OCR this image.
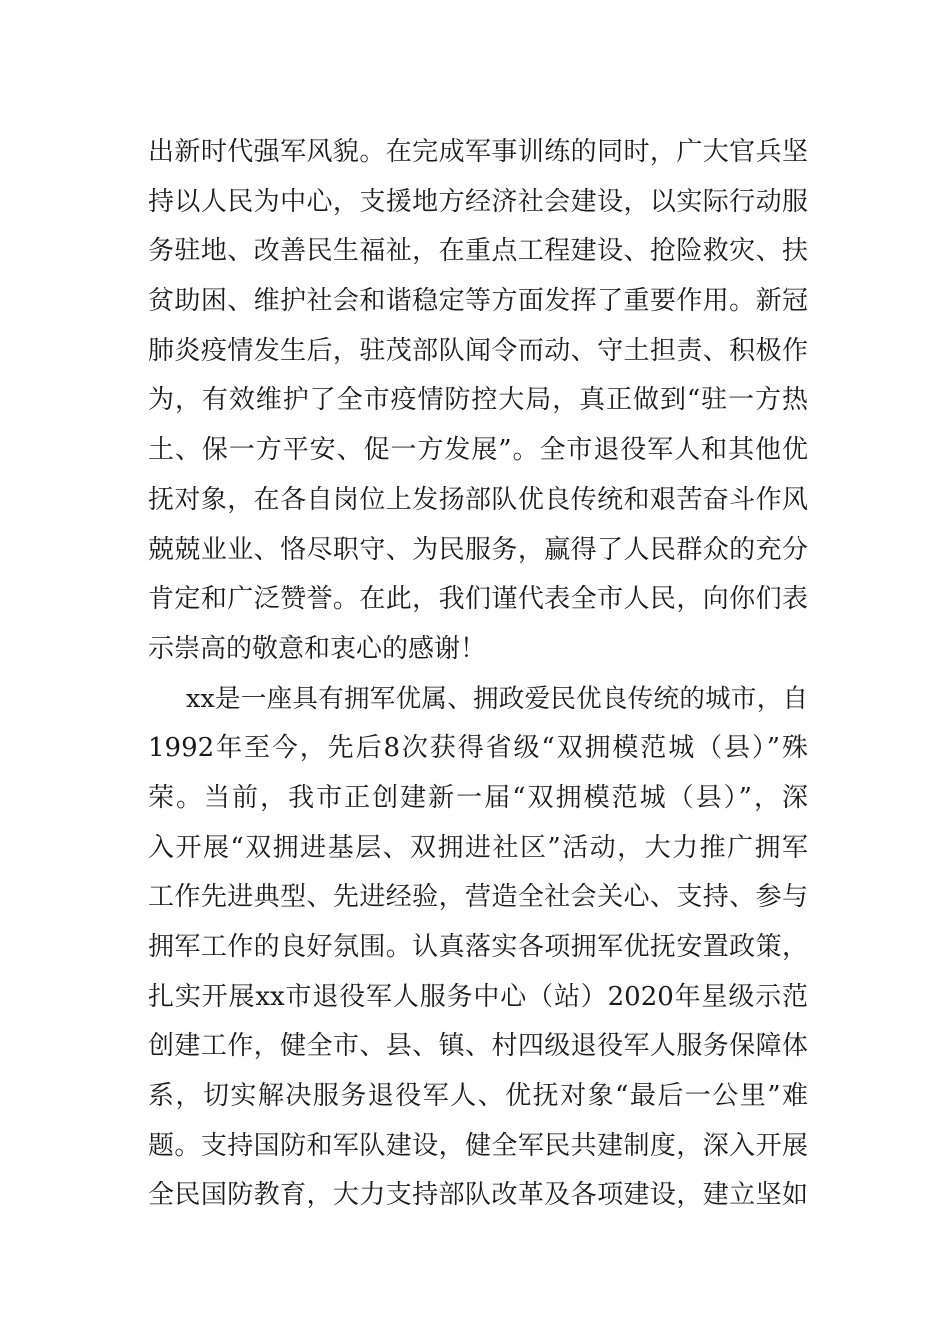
出新时代强军风貌。在完成军事训练的同时，广大官兵坚
持以人民为中心，支援地方经济社会建设，以实际行动服
务驻地、改善民生福祉，在重点工程建设、抢险救灾、扶
贫助困、维护社会和谐稳定等方面发挥了重要作用。新冠
肺炎疫情发生后，驻茂部队闻令而动、守土担责、积极作
为，有效维护了全市疫情防控大局，真正做到“驻一方热
土、保一方平安、促一方发展”。全市退役军人和其他优
抚对象，在各自岗位上发扬部队优良传统和艰苦奋斗作风
兢兢业业、恪尽职守、为民服务，赢得了人民群众的充分
肯定和广泛赞誉。在此，我们谨代表全市人民，向你们表
示崇高的敬意和衷心的感谢！
xx是一座具有拥军优属、拥政爱民优良传统的城市，自
1992年至今，先后8次获得省级“双拥模范城（县）”殊
荣。当前，我市正创建新一届“双拥模范城（县）”，深
入开展“双拥进基层、双拥进社区”活动，大力推广拥军
工作先进典型、先进经验，营造全社会关心、支持、参与
拥军工作的良好氛围。认真落实各项拥军优抚安置政策，
扎实开展xx市退役军人服务中心（站）2020年星级示范
创建工作，健全市、县、镇、村四级退役军人服务保障体
系，切实解决服务退役军人、优抚对象“最后一公里”难
题。支持国防和军队建设，健全军民共建制度，深入开展
全民国防教育，大力支持部队改革及各项建设，建立坚如
